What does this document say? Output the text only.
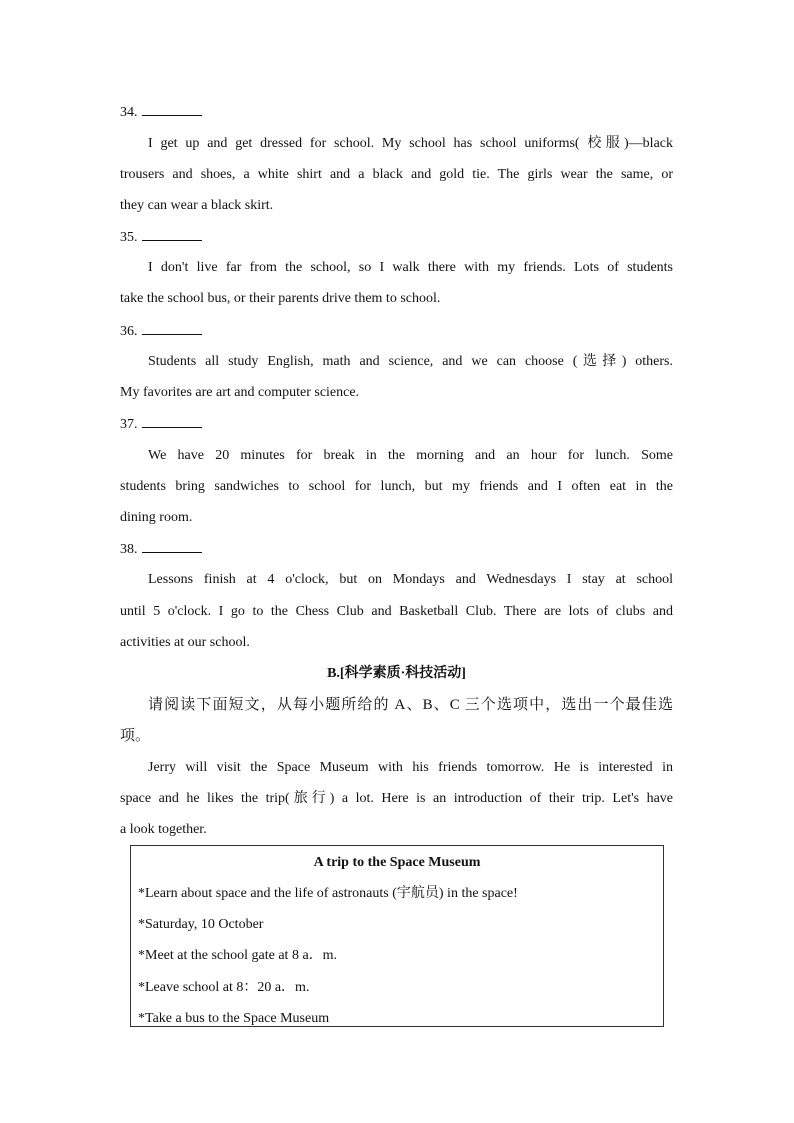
34.
I get up and get dressed for school. My school has school uniforms( 校服)—black
trousers and shoes, a white shirt and a black and gold tie. The girls wear the same, or
they can wear a black skirt.
35.
I don't live far from the school, so I walk there with my friends. Lots of students
take the school bus, or their parents drive them to school.
36.
Students all study English, math and science, and we can choose (选择) others.
My favorites are art and computer science.
37.
We have 20 minutes for break in the morning and an hour for lunch. Some
students bring sandwiches to school for lunch, but my friends and I often eat in the
dining room.
38.
Lessons finish at 4 o'clock, but on Mondays and Wednesdays I stay at school
until 5 o'clock. I go to the Chess Club and Basketball Club. There are lots of clubs and
activities at our school.
B.[科学素质·科技活动]
请阅读下面短文，从每小题所给的 A、B、C 三个选项中，选出一个最佳选
项。
Jerry will visit the Space Museum with his friends tomorrow. He is interested in
space and he likes the trip(旅行) a lot. Here is an introduction of their trip. Let's have
a look together.
A trip to the Space Museum
*Learn about space and the life of astronauts (宇航员) in the space!
*Saturday, 10 October
*Meet at the school gate at 8 a．m.
*Leave school at 8：20 a．m.
*Take a bus to the Space Museum
